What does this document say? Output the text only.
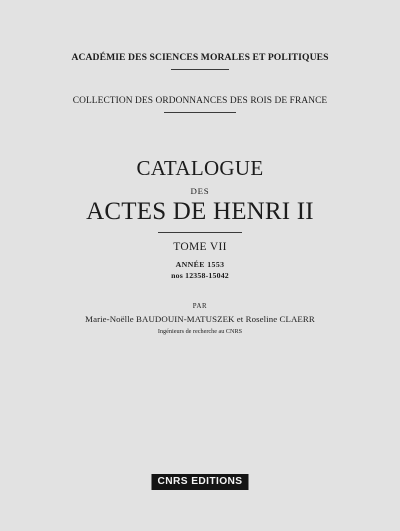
ACADÉMIE DES SCIENCES MORALES ET POLITIQUES
COLLECTION DES ORDONNANCES DES ROIS DE FRANCE
CATALOGUE
DES
ACTES DE HENRI II
TOME VII
ANNÉE 1553
nos 12358-15042
PAR
Marie-Noëlle BAUDOUIN-MATUSZEK et Roseline CLAERR
Ingénieurs de recherche au CNRS
CNRS EDITIONS
